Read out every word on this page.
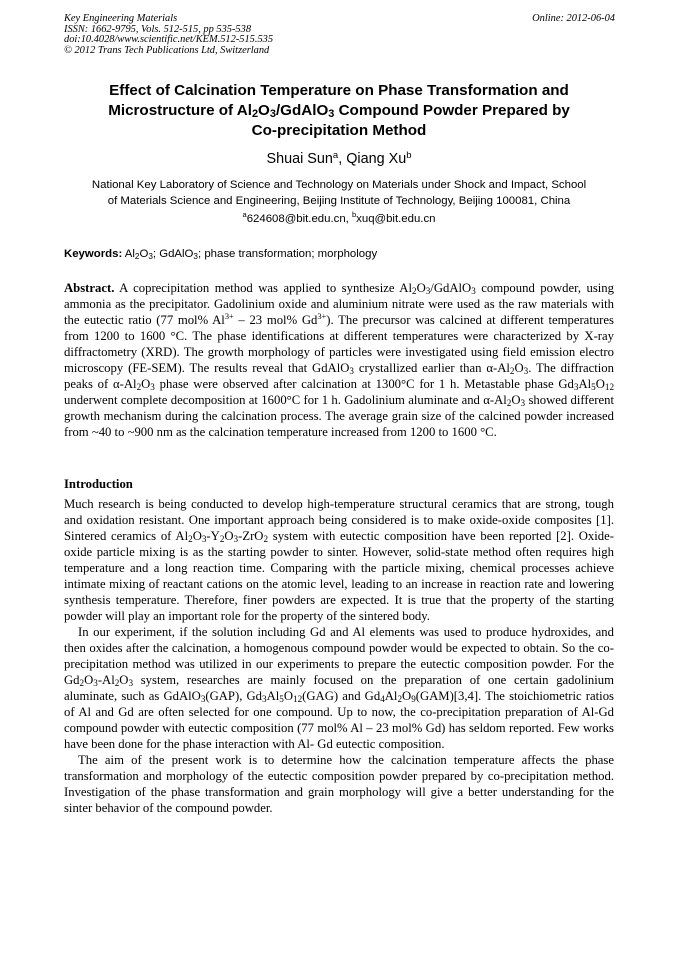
Key Engineering Materials
ISSN: 1662-9795, Vols. 512-515, pp 535-538
doi:10.4028/www.scientific.net/KEM.512-515.535
© 2012 Trans Tech Publications Ltd, Switzerland
Online: 2012-06-04
Effect of Calcination Temperature on Phase Transformation and
Microstructure of $Al_2O_3/GdAlO_3$ Compound Powder Prepared by
Co-precipitation Method
Shuai Sun$^a$, Qiang Xu$^b$
National Key Laboratory of Science and Technology on Materials under Shock and Impact, School
of Materials Science and Engineering, Beijing Institute of Technology, Beijing 100081, China
$^a$624608@bit.edu.cn, $^b$xuq@bit.edu.cn
Keywords: $Al_2O_3$; GdAlO$_3$; phase transformation; morphology

Abstract. A coprecipitation method was applied to synthesize $Al_2O_3/GdAlO_3$ compound powder, using ammonia as the precipitator. Gadolinium oxide and aluminium nitrate were used as the raw materials with the eutectic ratio (77 mol% $Al^{3+} - 23$ mol% $Gd^{3+}$). The precursor was calcined at different temperatures from 1200 to 1600 °C. The phase identifications at different temperatures were characterized by X-ray diffractometry (XRD). The growth morphology of particles were investigated using field emission electro microscopy (FE-SEM). The results reveal that GdAlO$_3$ crystallized earlier than $\alpha-Al_2O_3$. The diffraction peaks of $\alpha-Al_2O_3$ phase were observed after calcination at 1300°C for 1 h. Metastable phase $Gd_3Al_5O_{12}$ underwent complete decomposition at 1600°C for 1 h. Gadolinium aluminate and $\alpha-Al_2O_3$ showed different growth mechanism during the calcination process. The average grain size of the calcined powder increased from ~40 to ~900 nm as the calcination temperature increased from 1200 to 1600 °C.

Introduction

Much research is being conducted to develop high-temperature structural ceramics that are strong, tough and oxidation resistant. One important approach being considered is to make oxide-oxide composites [1]. Sintered ceramics of $Al_2O_3-Y_2O_3-ZrO_2$ system with eutectic composition have been reported [2]. Oxide-oxide particle mixing is as the starting powder to sinter. However, solid-state method often requires high temperature and a long reaction time. Comparing with the particle mixing, chemical processes achieve intimate mixing of reactant cations on the atomic level, leading to an increase in reaction rate and lowering synthesis temperature. Therefore, finer powders are expected. It is true that the property of the starting powder will play an important role for the property of the sintered body.

In our experiment, if the solution including Gd and Al elements was used to produce hydroxides, and then oxides after the calcination, a homogenous compound powder would be expected to obtain. So the co-precipitation method was utilized in our experiments to prepare the eutectic composition powder. For the $Gd_2O_3-Al_2O_3$ system, researches are mainly focused on the preparation of one certain gadolinium aluminate, such as GdAlO$_3$(GAP), $Gd_3Al_5O_{12}(GAG)$ and $Gd_4Al_2O_9(GAM)[3,4]$. The stoichiometric ratios of Al and Gd are often selected for one compound. Up to now, the co-precipitation preparation of Al-Gd compound powder with eutectic composition (77 mol% Al – 23 mol% Gd) has seldom reported. Few works have been done for the phase interaction with Al- Gd eutectic composition.

The aim of the present work is to determine how the calcination temperature affects the phase transformation and morphology of the eutectic composition powder prepared by co-precipitation method. Investigation of the phase transformation and grain morphology will give a better understanding for the sinter behavior of the compound powder.
